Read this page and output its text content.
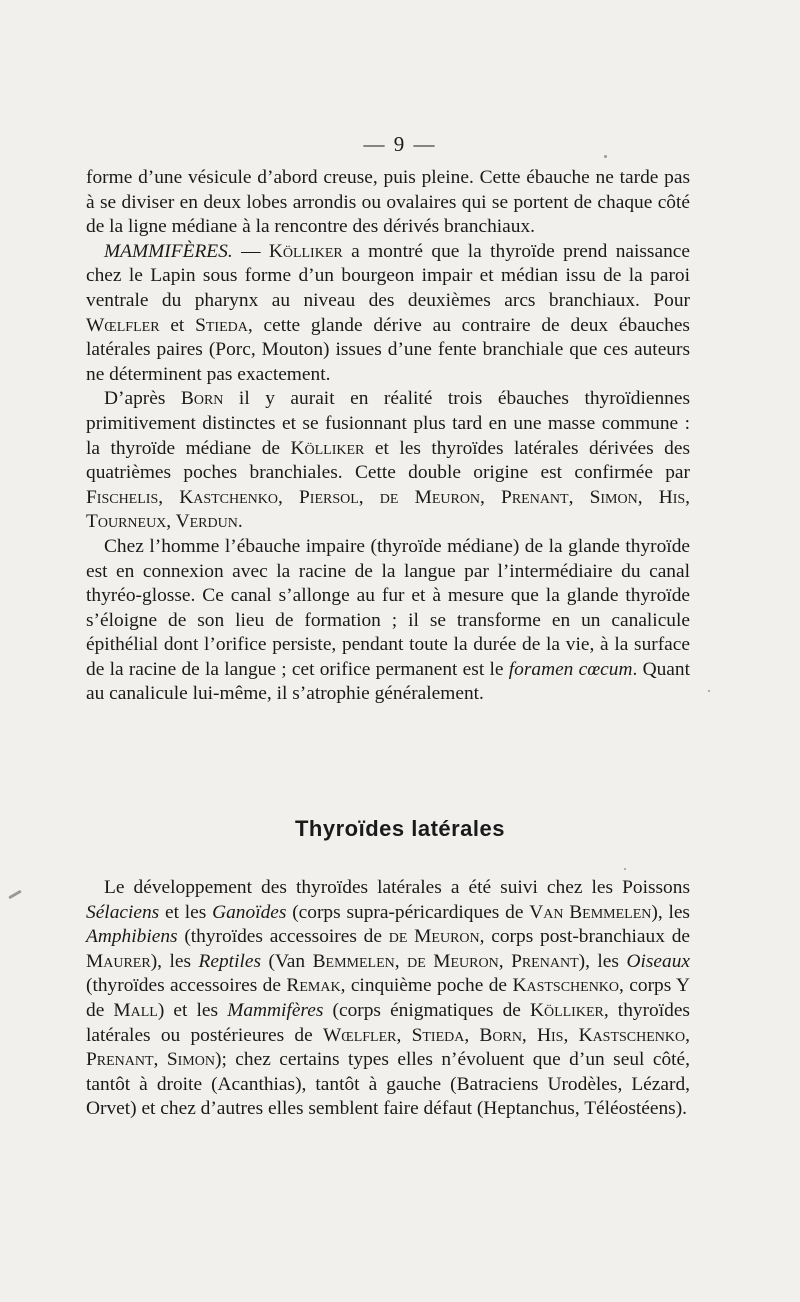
— 9 —

forme d’une vésicule d’abord creuse, puis pleine. Cette ébauche ne tarde pas à se diviser en deux lobes arrondis ou ovalaires qui se portent de chaque côté de la ligne médiane à la rencontre des dérivés branchiaux.

MAMMIFÈRES. — Kölliker a montré que la thyroïde prend naissance chez le Lapin sous forme d’un bourgeon impair et médian issu de la paroi ventrale du pharynx au niveau des deuxièmes arcs branchiaux. Pour Wœlfler et Stieda, cette glande dérive au contraire de deux ébauches latérales paires (Porc, Mouton) issues d’une fente branchiale que ces auteurs ne déterminent pas exactement.

D’après Born il y aurait en réalité trois ébauches thyroïdiennes primitivement distinctes et se fusionnant plus tard en une masse commune : la thyroïde médiane de Kölliker et les thyroïdes latérales dérivées des quatrièmes poches branchiales. Cette double origine est confirmée par Fischelis, Kastchenko, Piersol, de Meuron, Prenant, Simon, His, Tourneux, Verdun.

Chez l’homme l’ébauche impaire (thyroïde médiane) de la glande thyroïde est en connexion avec la racine de la langue par l’intermédiaire du canal thyréo-glosse. Ce canal s’allonge au fur et à mesure que la glande thyroïde s’éloigne de son lieu de formation ; il se transforme en un canalicule épithélial dont l’orifice persiste, pendant toute la durée de la vie, à la surface de la racine de la langue ; cet orifice permanent est le foramen cœcum. Quant au canalicule lui-même, il s’atrophie généralement.

Thyroïdes latérales

Le développement des thyroïdes latérales a été suivi chez les Poissons Sélaciens et les Ganoïdes (corps supra-péricardiques de Van Bemmelen), les Amphibiens (thyroïdes accessoires de de Meuron, corps post-branchiaux de Maurer), les Reptiles (Van Bemmelen, de Meuron, Prenant), les Oiseaux (thyroïdes accessoires de Remak, cinquième poche de Kastschenko, corps Y de Mall) et les Mammifères (corps énigmatiques de Kölliker, thyroïdes latérales ou postérieures de Wœlfler, Stieda, Born, His, Kastschenko, Prenant, Simon); chez certains types elles n’évoluent que d’un seul côté, tantôt à droite (Acanthias), tantôt à gauche (Batraciens Urodèles, Lézard, Orvet) et chez d’autres elles semblent faire défaut (Heptanchus, Téléostéens).
